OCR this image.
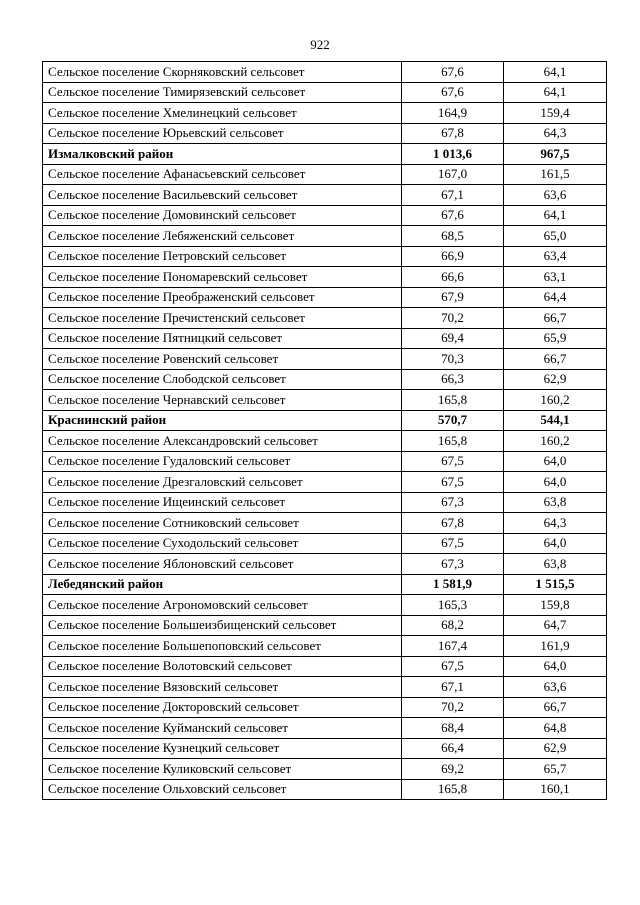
922
Сельское поселение Скорняковский сельсовет	67,6	64,1
Сельское поселение Тимирязевский сельсовет	67,6	64,1
Сельское поселение Хмелинецкий сельсовет	164,9	159,4
Сельское поселение Юрьевский сельсовет	67,8	64,3
Измалковский район	1 013,6	967,5
Сельское поселение Афанасьевский сельсовет	167,0	161,5
Сельское поселение Васильевский сельсовет	67,1	63,6
Сельское поселение Домовинский сельсовет	67,6	64,1
Сельское поселение Лебяженский сельсовет	68,5	65,0
Сельское поселение Петровский сельсовет	66,9	63,4
Сельское поселение Пономаревский сельсовет	66,6	63,1
Сельское поселение Преображенский сельсовет	67,9	64,4
Сельское поселение Пречистенский сельсовет	70,2	66,7
Сельское поселение Пятницкий сельсовет	69,4	65,9
Сельское поселение Ровенский сельсовет	70,3	66,7
Сельское поселение Слободской сельсовет	66,3	62,9
Сельское поселение Чернавский сельсовет	165,8	160,2
Краснинский район	570,7	544,1
Сельское поселение Александровский сельсовет	165,8	160,2
Сельское поселение Гудаловский сельсовет	67,5	64,0
Сельское поселение Дрезгаловский сельсовет	67,5	64,0
Сельское поселение Ищеинский сельсовет	67,3	63,8
Сельское поселение Сотниковский сельсовет	67,8	64,3
Сельское поселение Суходольский сельсовет	67,5	64,0
Сельское поселение Яблоновский сельсовет	67,3	63,8
Лебедянский район	1 581,9	1 515,5
Сельское поселение Агрономовский сельсовет	165,3	159,8
Сельское поселение Большеизбищенский сельсовет	68,2	64,7
Сельское поселение Большепоповский сельсовет	167,4	161,9
Сельское поселение Волотовский сельсовет	67,5	64,0
Сельское поселение Вязовский сельсовет	67,1	63,6
Сельское поселение Докторовский сельсовет	70,2	66,7
Сельское поселение Куйманский сельсовет	68,4	64,8
Сельское поселение Кузнецкий сельсовет	66,4	62,9
Сельское поселение Куликовский сельсовет	69,2	65,7
Сельское поселение Ольховский сельсовет	165,8	160,1
